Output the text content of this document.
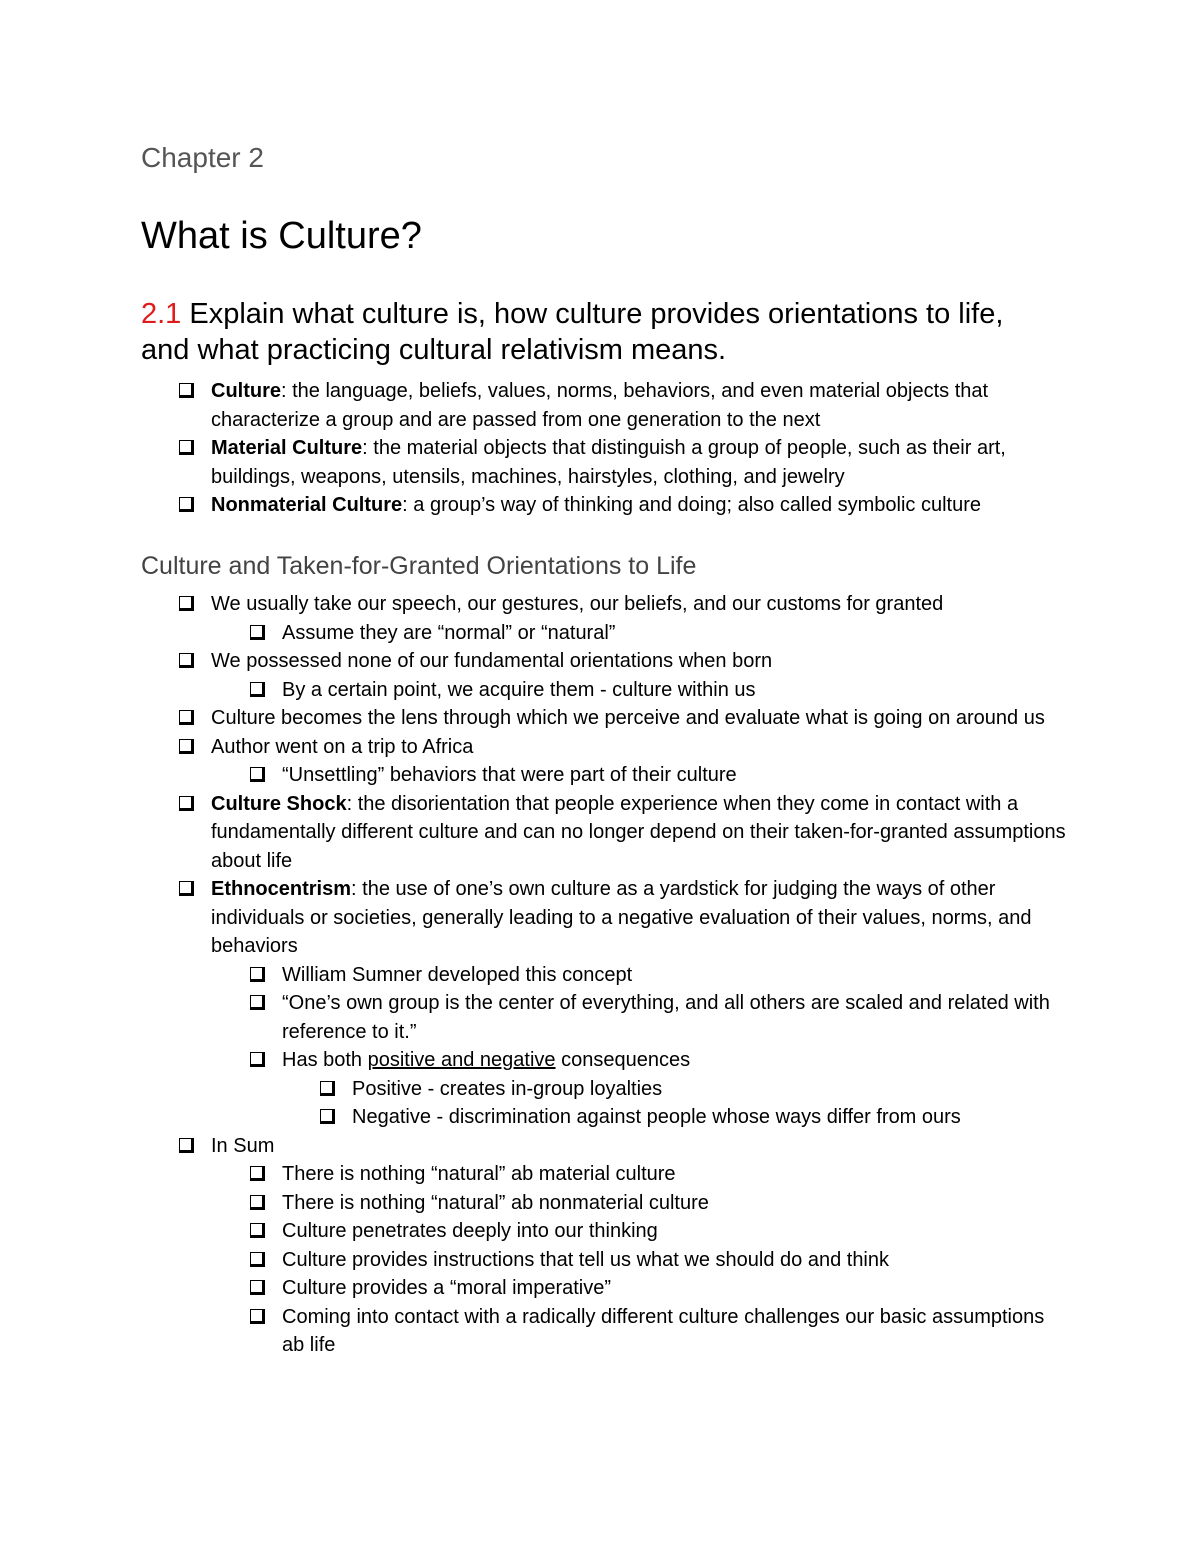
Chapter 2
What is Culture?
2.1 Explain what culture is, how culture provides orientations to life, and what practicing cultural relativism means.
Culture: the language, beliefs, values, norms, behaviors, and even material objects that characterize a group and are passed from one generation to the next
Material Culture: the material objects that distinguish a group of people, such as their art, buildings, weapons, utensils, machines, hairstyles, clothing, and jewelry
Nonmaterial Culture: a group’s way of thinking and doing; also called symbolic culture
Culture and Taken-for-Granted Orientations to Life
We usually take our speech, our gestures, our beliefs, and our customs for granted
Assume they are “normal” or “natural”
We possessed none of our fundamental orientations when born
By a certain point, we acquire them - culture within us
Culture becomes the lens through which we perceive and evaluate what is going on around us
Author went on a trip to Africa
“Unsettling” behaviors that were part of their culture
Culture Shock: the disorientation that people experience when they come in contact with a fundamentally different culture and can no longer depend on their taken-for-granted assumptions about life
Ethnocentrism: the use of one’s own culture as a yardstick for judging the ways of other individuals or societies, generally leading to a negative evaluation of their values, norms, and behaviors
William Sumner developed this concept
“One’s own group is the center of everything, and all others are scaled and related with reference to it.”
Has both positive and negative consequences
Positive - creates in-group loyalties
Negative - discrimination against people whose ways differ from ours
In Sum
There is nothing “natural” ab material culture
There is nothing “natural” ab nonmaterial culture
Culture penetrates deeply into our thinking
Culture provides instructions that tell us what we should do and think
Culture provides a “moral imperative”
Coming into contact with a radically different culture challenges our basic assumptions ab life
